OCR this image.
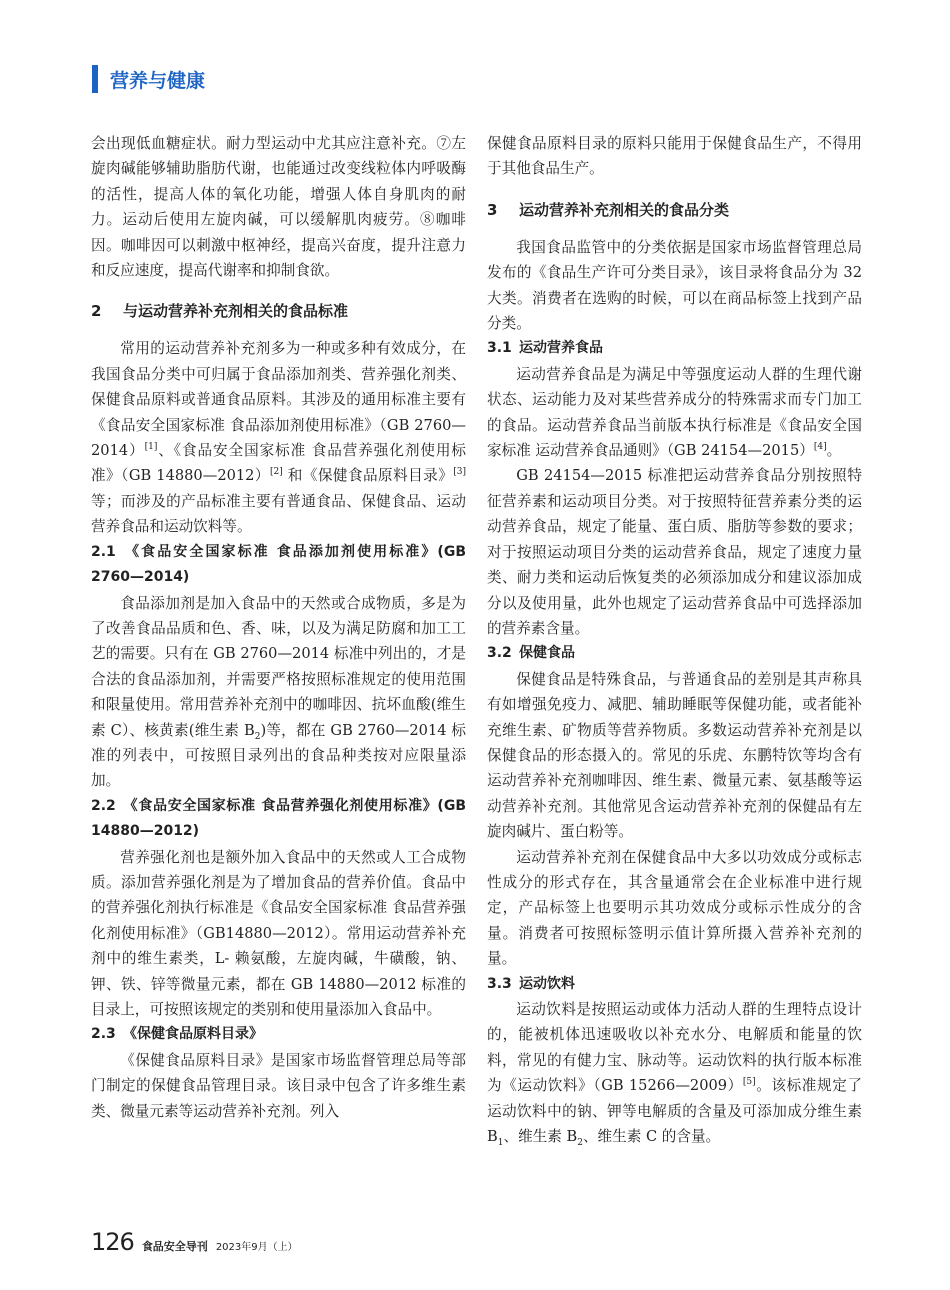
营养与健康

会出现低血糖症状。耐力型运动中尤其应注意补充。⑦左旋肉碱能够辅助脂肪代谢，也能通过改变线粒体内呼吸酶的活性，提高人体的氧化功能，增强人体自身肌肉的耐力。运动后使用左旋肉碱，可以缓解肌肉疲劳。⑧咖啡因。咖啡因可以刺激中枢神经，提高兴奋度，提升注意力和反应速度，提高代谢率和抑制食欲。

2 与运动营养补充剂相关的食品标准

常用的运动营养补充剂多为一种或多种有效成分，在我国食品分类中可归属于食品添加剂类、营养强化剂类、保健食品原料或普通食品原料。其涉及的通用标准主要有《食品安全国家标准 食品添加剂使用标准》（GB 2760—2014）[1]、《食品安全国家标准 食品营养强化剂使用标准》（GB 14880—2012）[2] 和《保健食品原料目录》[3] 等；而涉及的产品标准主要有普通食品、保健食品、运动营养食品和运动饮料等。

2.1 《食品安全国家标准 食品添加剂使用标准》(GB 2760—2014)

食品添加剂是加入食品中的天然或合成物质，多是为了改善食品品质和色、香、味，以及为满足防腐和加工工艺的需要。只有在 GB 2760—2014 标准中列出的，才是合法的食品添加剂，并需要严格按照标准规定的使用范围和限量使用。常用营养补充剂中的咖啡因、抗坏血酸(维生素 C）、核黄素(维生素 $B_2$)等，都在 GB 2760—2014 标准的列表中，可按照目录列出的食品种类按对应限量添加。

2.2 《食品安全国家标准 食品营养强化剂使用标准》(GB 14880—2012)

营养强化剂也是额外加入食品中的天然或人工合成物质。添加营养强化剂是为了增加食品的营养价值。食品中的营养强化剂执行标准是《食品安全国家标准 食品营养强化剂使用标准》（GB14880—2012）。常用运动营养补充剂中的维生素类，L- 赖氨酸，左旋肉碱，牛磺酸，钠、钾、铁、锌等微量元素，都在 GB 14880—2012 标准的目录上，可按照该规定的类别和使用量添加入食品中。

2.3 《保健食品原料目录》

《保健食品原料目录》是国家市场监督管理总局等部门制定的保健食品管理目录。该目录中包含了许多维生素类、微量元素等运动营养补充剂。列入

保健食品原料目录的原料只能用于保健食品生产，不得用于其他食品生产。

3 运动营养补充剂相关的食品分类

我国食品监管中的分类依据是国家市场监督管理总局发布的《食品生产许可分类目录》，该目录将食品分为 32 大类。消费者在选购的时候，可以在商品标签上找到产品分类。

3.1 运动营养食品

运动营养食品是为满足中等强度运动人群的生理代谢状态、运动能力及对某些营养成分的特殊需求而专门加工的食品。运动营养食品当前版本执行标准是《食品安全国家标准 运动营养食品通则》（GB 24154—2015）[4]。

GB 24154—2015 标准把运动营养食品分别按照特征营养素和运动项目分类。对于按照特征营养素分类的运动营养食品，规定了能量、蛋白质、脂肪等参数的要求；对于按照运动项目分类的运动营养食品，规定了速度力量类、耐力类和运动后恢复类的必须添加成分和建议添加成分以及使用量，此外也规定了运动营养食品中可选择添加的营养素含量。

3.2 保健食品

保健食品是特殊食品，与普通食品的差别是其声称具有如增强免疫力、减肥、辅助睡眠等保健功能，或者能补充维生素、矿物质等营养物质。多数运动营养补充剂是以保健食品的形态摄入的。常见的乐虎、东鹏特饮等均含有运动营养补充剂咖啡因、维生素、微量元素、氨基酸等运动营养补充剂。其他常见含运动营养补充剂的保健品有左旋肉碱片、蛋白粉等。

运动营养补充剂在保健食品中大多以功效成分或标志性成分的形式存在，其含量通常会在企业标准中进行规定，产品标签上也要明示其功效成分或标示性成分的含量。消费者可按照标签明示值计算所摄入营养补充剂的量。

3.3 运动饮料

运动饮料是按照运动或体力活动人群的生理特点设计的，能被机体迅速吸收以补充水分、电解质和能量的饮料，常见的有健力宝、脉动等。运动饮料的执行版本标准为《运动饮料》（GB 15266—2009）[5]。该标准规定了运动饮料中的钠、钾等电解质的含量及可添加成分维生素 $B_1$、维生素 $B_2$、维生素 C 的含量。

126 食品安全导刊 2023年9月（上）
